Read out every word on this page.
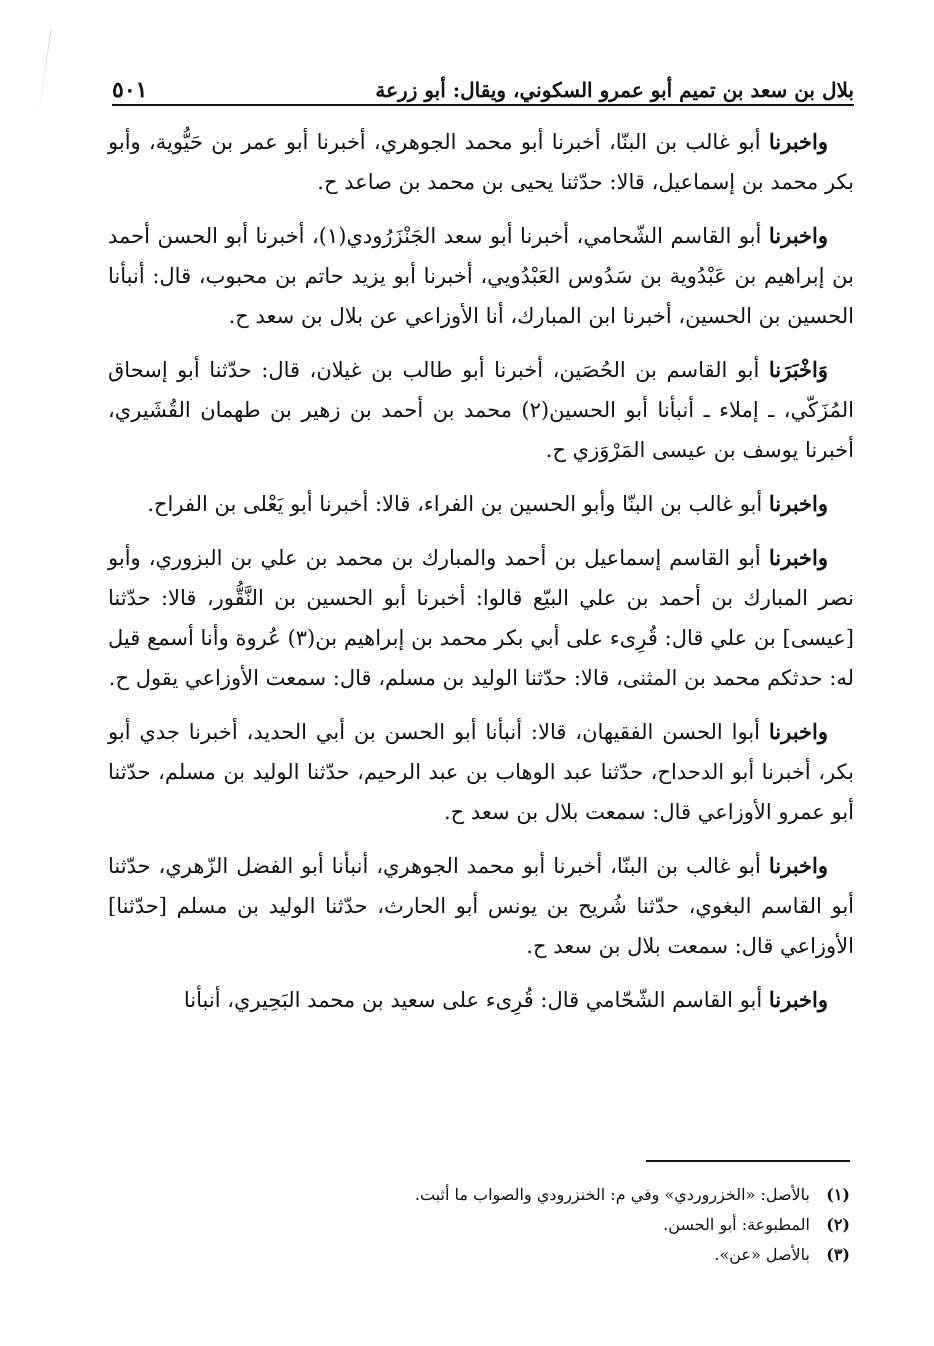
بلال بن سعد بن تميم أبو عمرو السكوني، ويقال: أبو زرعة
٥٠١

واخبرنا أبو غالب بن البنّا، أخبرنا أبو محمد الجوهري، أخبرنا أبو عمر بن حَيُّوية، وأبو بكر محمد بن إسماعيل، قالا: حدّثنا يحيى بن محمد بن صاعد ح.

واخبرنا أبو القاسم الشّحامي، أخبرنا أبو سعد الجَنْزَرُودي(١)، أخبرنا أبو الحسن أحمد بن إبراهيم بن عَبْدُوية بن سَدُوس العَبْدُويي، أخبرنا أبو يزيد حاتم بن محبوب، قال: أنبأنا الحسين بن الحسين، أخبرنا ابن المبارك، أنا الأوزاعي عن بلال بن سعد ح.

وَاخْبَرَنا أبو القاسم بن الحُصَين، أخبرنا أبو طالب بن غيلان، قال: حدّثنا أبو إسحاق المُزَكّي، ـ إملاء ـ أنبأنا أبو الحسين(٢) محمد بن أحمد بن زهير بن طهمان القُشَيري، أخبرنا يوسف بن عيسى المَرْوَزي ح.

واخبرنا أبو غالب بن البنّا وأبو الحسين بن الفراء، قالا: أخبرنا أبو يَعْلى بن الفراح.

واخبرنا أبو القاسم إسماعيل بن أحمد والمبارك بن محمد بن علي بن البزوري، وأبو نصر المبارك بن أحمد بن علي البيّع قالوا: أخبرنا أبو الحسين بن النَّقُّور، قالا: حدّثنا [عيسى] بن علي قال: قُرِىء على أبي بكر محمد بن إبراهيم بن(٣) عُروة وأنا أسمع قيل له: حدثكم محمد بن المثنى، قالا: حدّثنا الوليد بن مسلم، قال: سمعت الأوزاعي يقول ح.

واخبرنا أبوا الحسن الفقيهان، قالا: أنبأنا أبو الحسن بن أبي الحديد، أخبرنا جدي أبو بكر، أخبرنا أبو الدحداح، حدّثنا عبد الوهاب بن عبد الرحيم، حدّثنا الوليد بن مسلم، حدّثنا أبو عمرو الأوزاعي قال: سمعت بلال بن سعد ح.

واخبرنا أبو غالب بن البنّا، أخبرنا أبو محمد الجوهري، أنبأنا أبو الفضل الزّهري، حدّثنا أبو القاسم البغوي، حدّثنا شُريح بن يونس أبو الحارث، حدّثنا الوليد بن مسلم [حدّثنا] الأوزاعي قال: سمعت بلال بن سعد ح.

واخبرنا أبو القاسم الشّحّامي قال: قُرِىء على سعيد بن محمد البَحِيري، أنبأنا

(١)بالأصل: «الخزروردي» وفي م: الخنزرودي والصواب ما أثبت.
(٢)المطبوعة: أبو الحسن.
(٣)بالأصل «عن».
